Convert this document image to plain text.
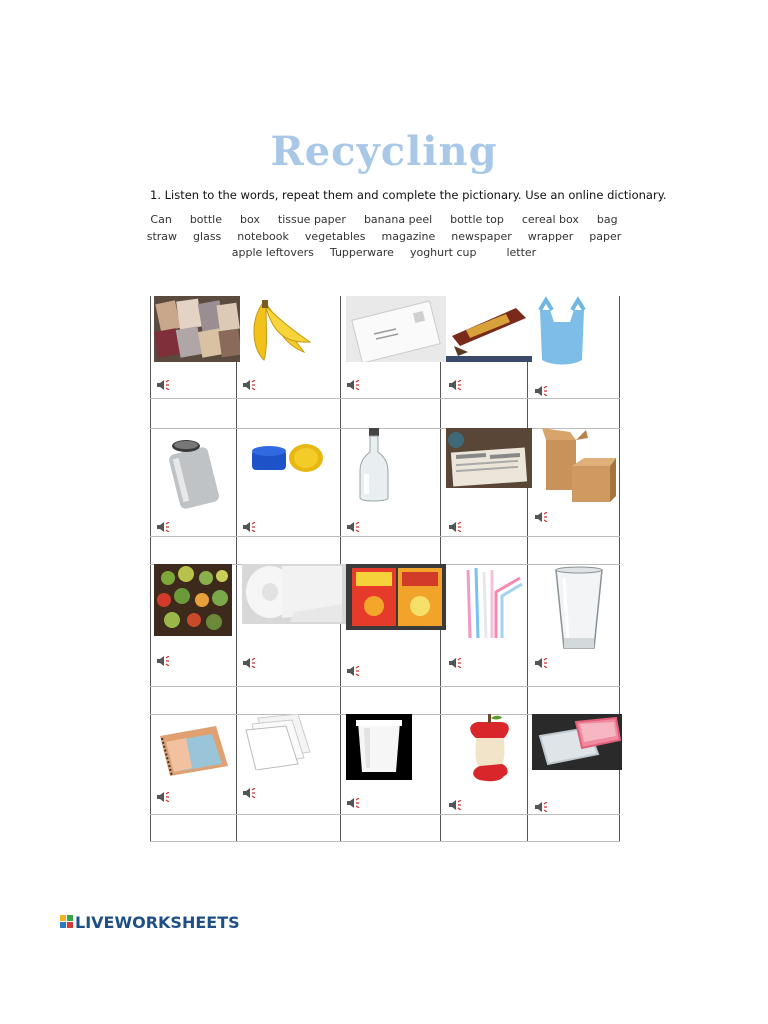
Recycling
1. Listen to the words, repeat them and complete the pictionary. Use an online dictionary.
Can bottle box tissue paper banana peel bottle top cereal box bag
straw glass notebook vegetables magazine newspaper wrapper paper
apple leftovers Tupperware yoghurt cup	letter
LIVEWORKSHEETS
